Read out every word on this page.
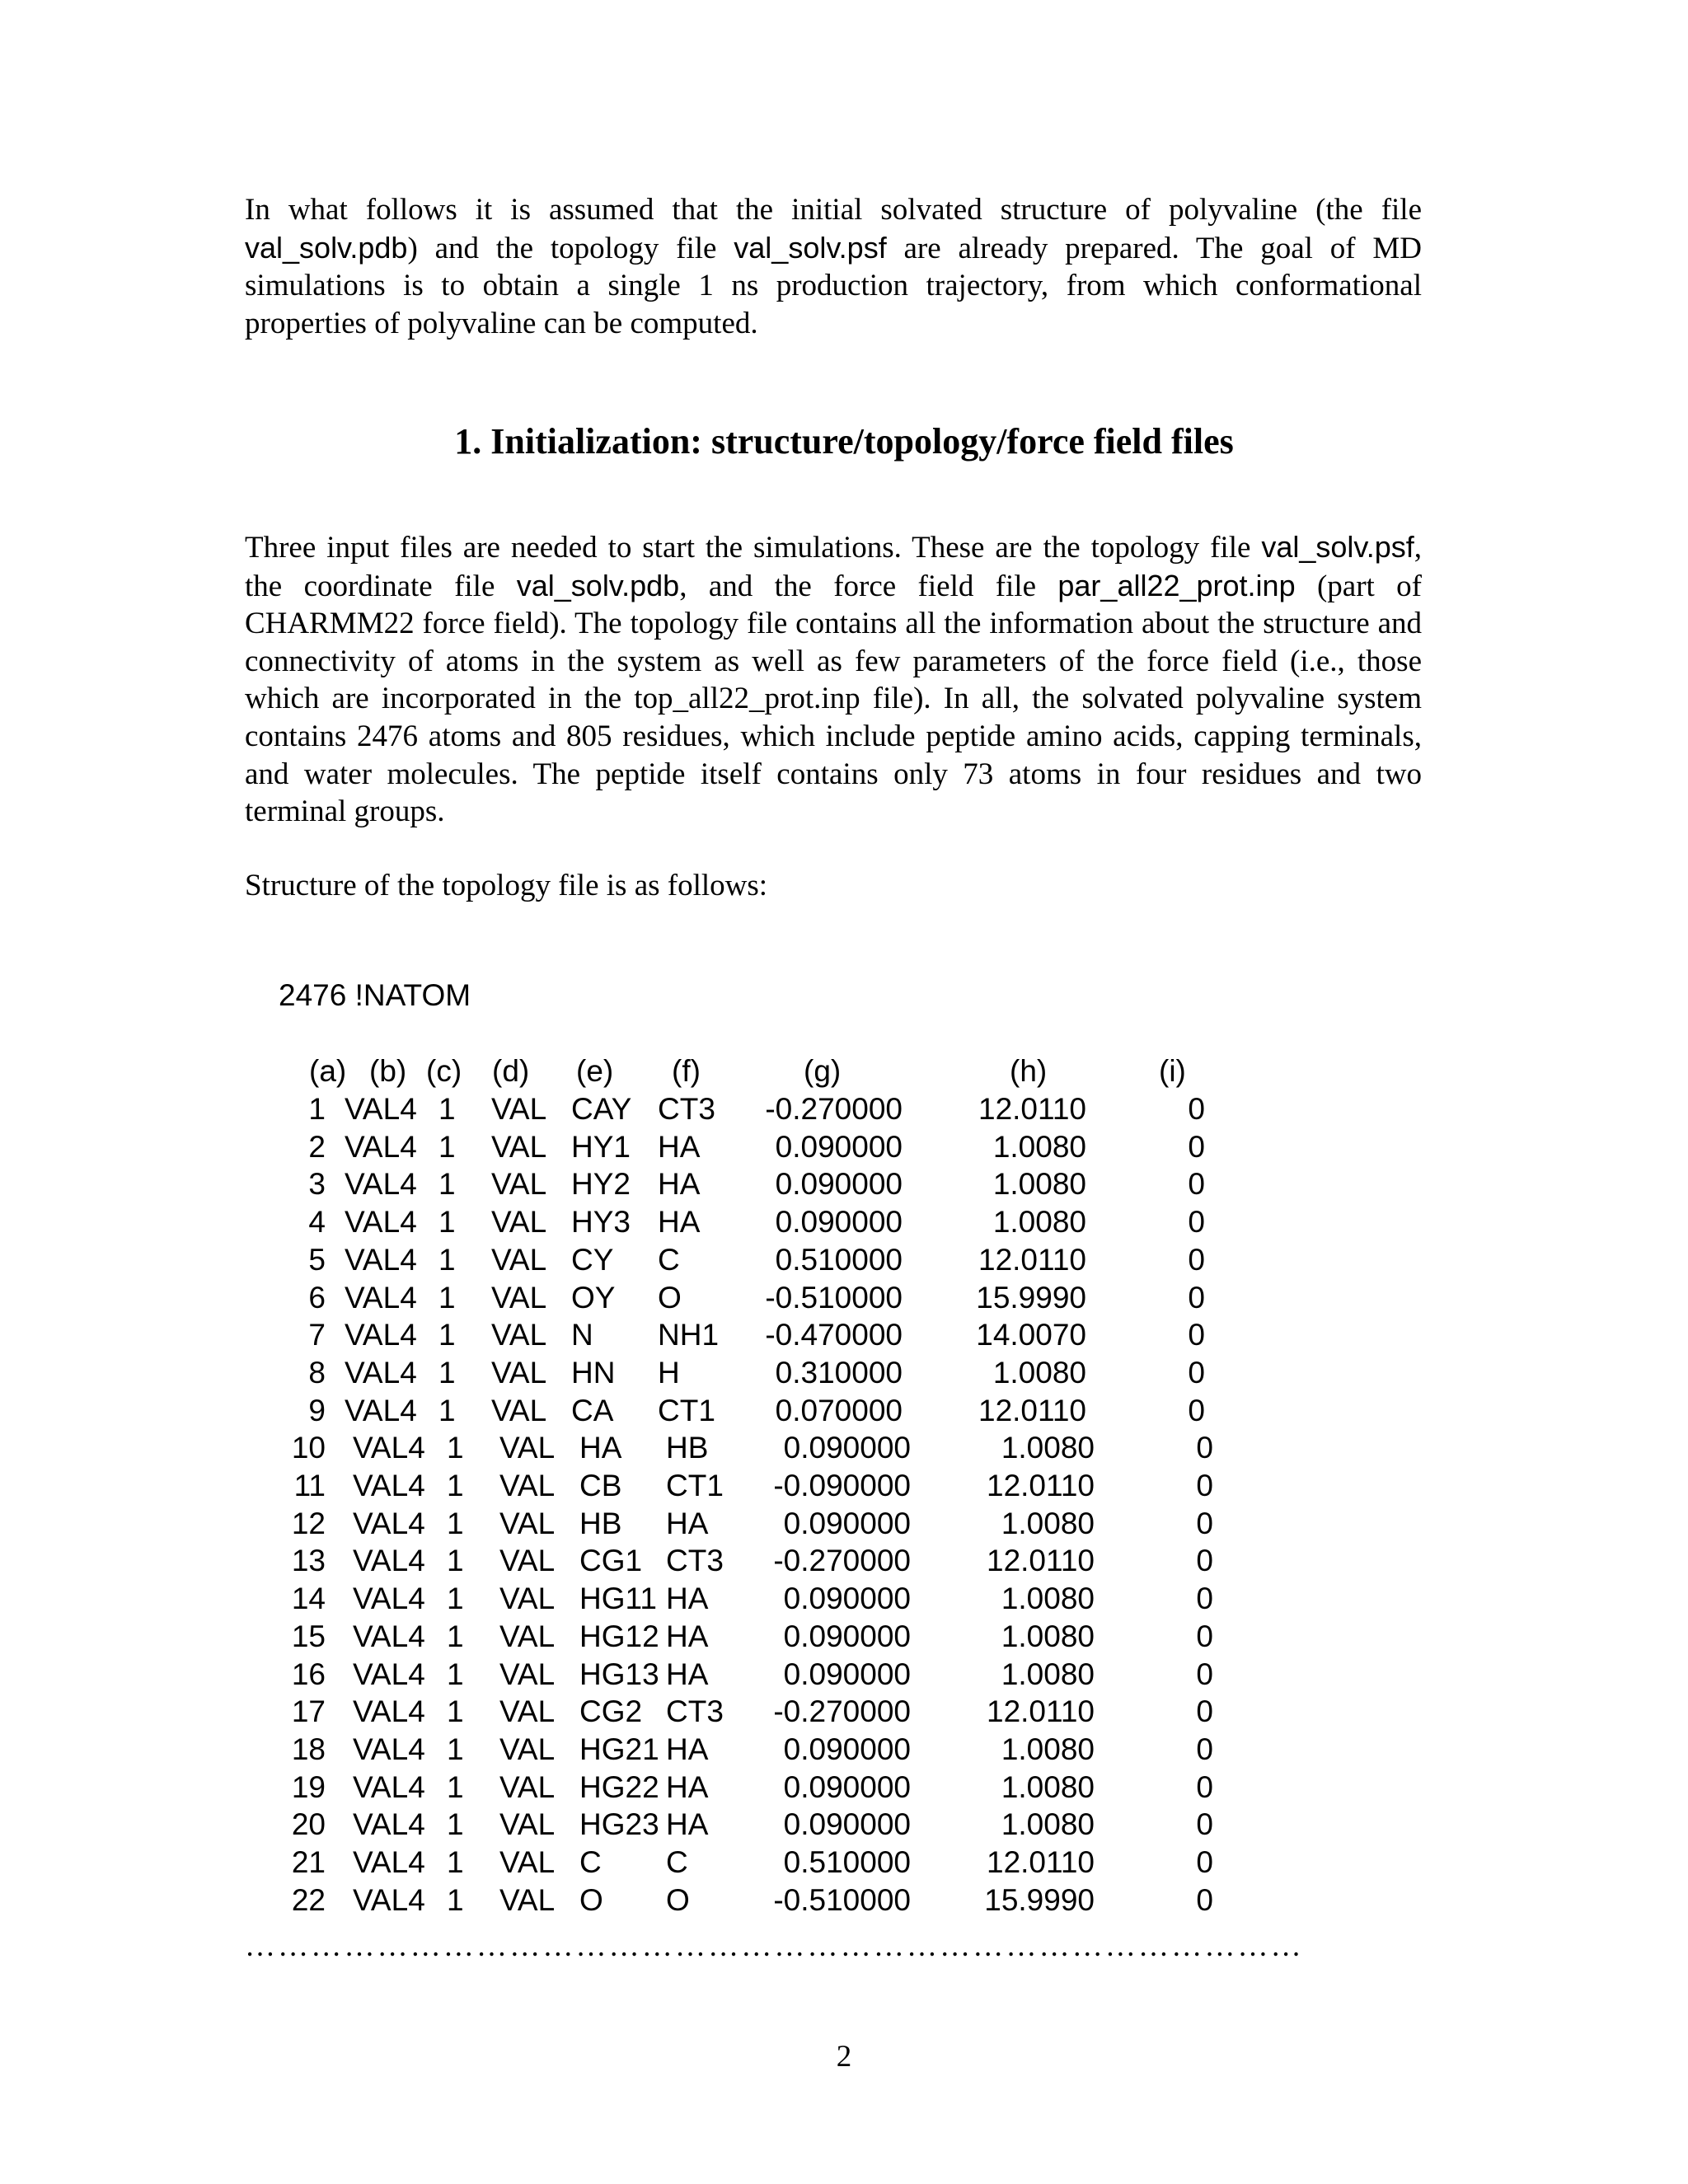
In what follows it is assumed that the initial solvated structure of polyvaline (the file val_solv.pdb) and the topology file val_solv.psf are already prepared. The goal of MD simulations is to obtain a single 1 ns production trajectory, from which conformational properties of polyvaline can be computed.

1. Initialization: structure/topology/force field files

Three input files are needed to start the simulations. These are the topology file val_solv.psf, the coordinate file val_solv.pdb, and the force field file par_all22_prot.inp (part of CHARMM22 force field). The topology file contains all the information about the structure and connectivity of atoms in the system as well as few parameters of the force field (i.e., those which are incorporated in the top_all22_prot.inp file). In all, the solvated polyvaline system contains 2476 atoms and 805 residues, which include peptide amino acids, capping terminals, and water molecules. The peptide itself contains only 73 atoms in four residues and two terminal groups.

Structure of the topology file is as follows:

2476 !NATOM
(a) (b) (c) (d) (e) (f)	(g)	(h)	(i)
1 VAL4 1 VAL CAY CT3 -0.270000 12.0110	0
2 VAL4 1 VAL HY1 HA 0.090000	1.0080	0
3 VAL4 1 VAL HY2 HA 0.090000	1.0080	0
4 VAL4 1 VAL HY3 HA 0.090000	1.0080	0
5 VAL4 1 VAL CY C	0.510000 12.0110	0
6 VAL4 1 VAL OY O	-0.510000 15.9990	0
7 VAL4 1 VAL N NH1 -0.470000 14.0070	0
8 VAL4 1 VAL HN H	0.310000	1.0080	0
9 VAL4 1 VAL CA CT1 0.070000 12.0110	0
10 VAL4 1 VAL HA HB 0.090000	1.0080	0
11 VAL4 1 VAL CB CT1 -0.090000 12.0110	0
12 VAL4 1 VAL HB HA 0.090000	1.0080	0
13 VAL4 1 VAL CG1 CT3 -0.270000 12.0110	0
14 VAL4 1 VAL HG11 HA 0.090000	1.0080	0
15 VAL4 1 VAL HG12 HA 0.090000	1.0080	0
16 VAL4 1 VAL HG13 HA 0.090000	1.0080	0
17 VAL4 1 VAL CG2 CT3 -0.270000 12.0110	0
18 VAL4 1 VAL HG21 HA 0.090000	1.0080	0
19 VAL4 1 VAL HG22 HA 0.090000	1.0080	0
20 VAL4 1 VAL HG23 HA 0.090000	1.0080	0
21 VAL4 1 VAL C C	0.510000 12.0110	0
22 VAL4 1 VAL O O	-0.510000 15.9990	0
……………………………………………………………………………………
2
